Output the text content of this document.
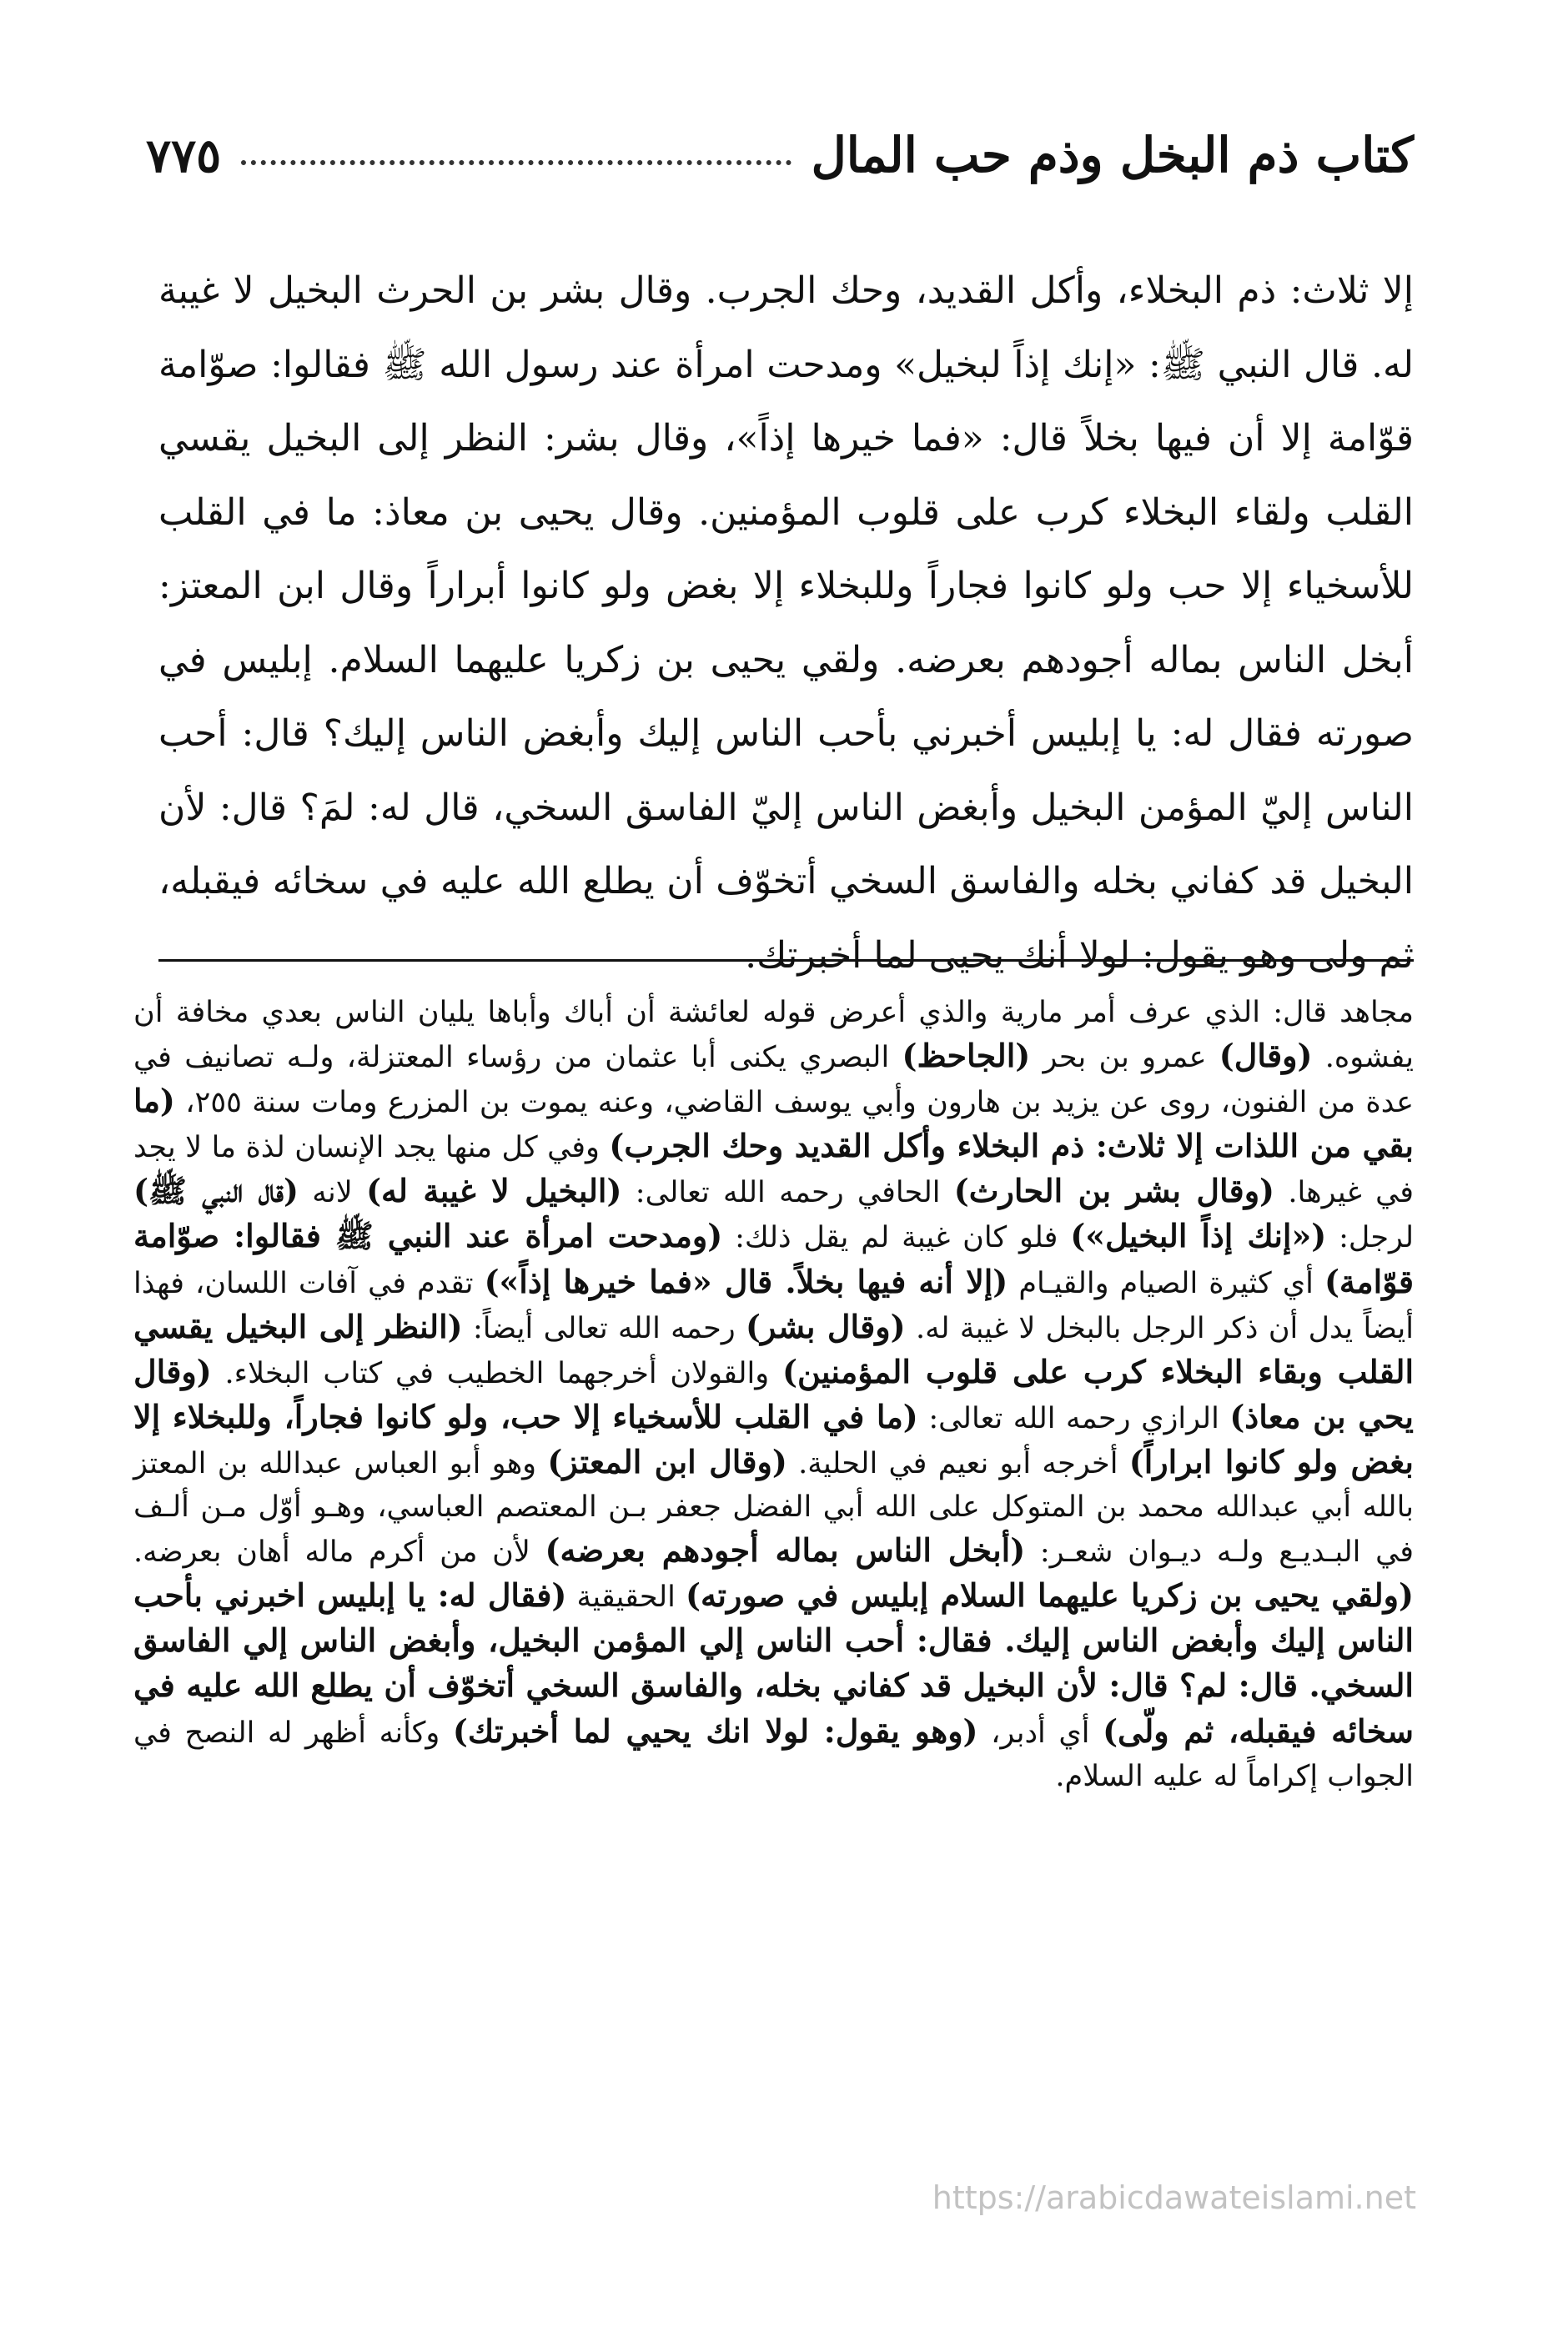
كتاب ذم البخل وذم حب المال
٧٧٥
إلا ثلاث: ذم البخلاء، وأكل القديد، وحك الجرب. وقال بشر بن الحرث البخيل لا غيبة له. قال النبي ﷺ: «إنك إذاً لبخيل» ومدحت امرأة عند رسول الله ﷺ فقالوا: صوّامة قوّامة إلا أن فيها بخلاً قال: «فما خيرها إذاً»، وقال بشر: النظر إلى البخيل يقسي القلب ولقاء البخلاء كرب على قلوب المؤمنين. وقال يحيى بن معاذ: ما في القلب للأسخياء إلا حب ولو كانوا فجاراً وللبخلاء إلا بغض ولو كانوا أبراراً وقال ابن المعتز: أبخل الناس بماله أجودهم بعرضه. ولقي يحيى بن زكريا عليهما السلام. إبليس في صورته فقال له: يا إبليس أخبرني بأحب الناس إليك وأبغض الناس إليك؟ قال: أحب الناس إليّ المؤمن البخيل وأبغض الناس إليّ الفاسق السخي، قال له: لمَ؟ قال: لأن البخيل قد كفاني بخله والفاسق السخي أتخوّف أن يطلع الله عليه في سخائه فيقبله، ثم ولى وهو يقول: لولا أنك يحيى لما أخبرتك.
مجاهد قال: الذي عرف أمر مارية والذي أعرض قوله لعائشة أن أباك وأباها يليان الناس بعدي مخافة أن يفشوه. (وقال) عمرو بن بحر (الجاحظ) البصري يكنى أبا عثمان من رؤساء المعتزلة، ولـه تصانيف في عدة من الفنون، روى عن يزيد بن هارون وأبي يوسف القاضي، وعنه يموت بن المزرع ومات سنة ٢٥٥، (ما بقي من اللذات إلا ثلاث: ذم البخلاء وأكل القديد وحك الجرب) وفي كل منها يجد الإنسان لذة ما لا يجد في غيرها. (وقال بشر بن الحارث) الحافي رحمه الله تعالى: (البخيل لا غيبة له) لانه (قال النبي ﷺ) لرجل: («إنك إذاً البخيل») فلو كان غيبة لم يقل ذلك: (ومدحت امرأة عند النبي ﷺ فقالوا: صوّامة قوّامة) أي كثيرة الصيام والقيـام (إلا أنه فيها بخلاً. قال «فما خيرها إذاً») تقدم في آفات اللسان، فهذا أيضاً يدل أن ذكر الرجل بالبخل لا غيبة له. (وقال بشر) رحمه الله تعالى أيضاً: (النظر إلى البخيل يقسي القلب وبقاء البخلاء كرب على قلوب المؤمنين) والقولان أخرجهما الخطيب في كتاب البخلاء. (وقال يحي بن معاذ) الرازي رحمه الله تعالى: (ما في القلب للأسخياء إلا حب، ولو كانوا فجاراً، وللبخلاء إلا بغض ولو كانوا ابراراً) أخرجه أبو نعيم في الحلية. (وقال ابن المعتز) وهو أبو العباس عبدالله بن المعتز بالله أبي عبدالله محمد بن المتوكل على الله أبي الفضل جعفر بـن المعتصم العباسي، وهـو أوّل مـن ألـف في البـديـع ولـه ديـوان شعـر: (أبخل الناس بماله أجودهم بعرضه) لأن من أكرم ماله أهان بعرضه. (ولقي يحيى بن زكريا عليهما السلام إبليس في صورته) الحقيقية (فقال له: يا إبليس اخبرني بأحب الناس إليك وأبغض الناس إليك. فقال: أحب الناس إلي المؤمن البخيل، وأبغض الناس إلي الفاسق السخي. قال: لم؟ قال: لأن البخيل قد كفاني بخله، والفاسق السخي أتخوّف أن يطلع الله عليه في سخائه فيقبله، ثم ولّى) أي أدبر، (وهو يقول: لولا انك يحيي لما أخبرتك) وكأنه أظهر له النصح في الجواب إكراماً له عليه السلام.
https://arabicdawateislami.net
